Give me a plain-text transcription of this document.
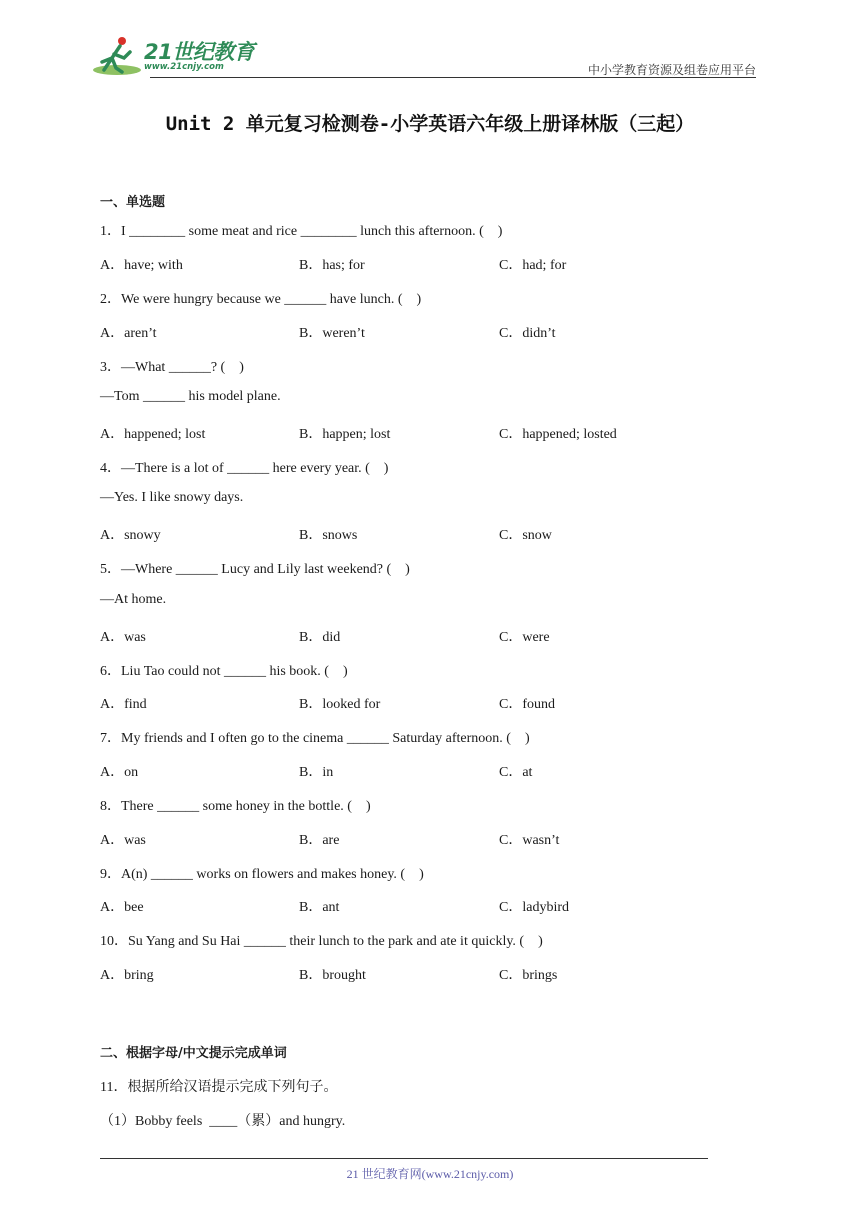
21世纪教育
www.21cnjy.com	中小学教育资源及组卷应用平台
Unit 2 单元复习检测卷-小学英语六年级上册译林版（三起）
一、单选题
1．I ________ some meat and rice ________ lunch this afternoon. (    )
A．have; with	B．has; for	C．had; for
2．We were hungry because we ______ have lunch. (    )
A．aren’t	B．weren’t	C．didn’t
3．—What ______? (    )
—Tom ______ his model plane.
A．happened; lost	B．happen; lost	C．happened; losted
4．—There is a lot of ______ here every year. (    )
—Yes. I like snowy days.
A．snowy	B．snows	C．snow
5．—Where ______ Lucy and Lily last weekend? (    )
—At home.
A．was	B．did	C．were
6．Liu Tao could not ______ his book. (    )
A．find	B．looked for	C．found
7．My friends and I often go to the cinema ______ Saturday afternoon. (    )
A．on	B．in	C．at
8．There ______ some honey in the bottle. (    )
A．was	B．are	C．wasn’t
9．A(n) ______ works on flowers and makes honey. (    )
A．bee	B．ant	C．ladybird
10．Su Yang and Su Hai ______ their lunch to the park and ate it quickly. (    )
A．bring	B．brought	C．brings
二、根据字母/中文提示完成单词
11．根据所给汉语提示完成下列句子。
（1）Bobby feels  ____（累）and hungry.
21 世纪教育网(www.21cnjy.com)
